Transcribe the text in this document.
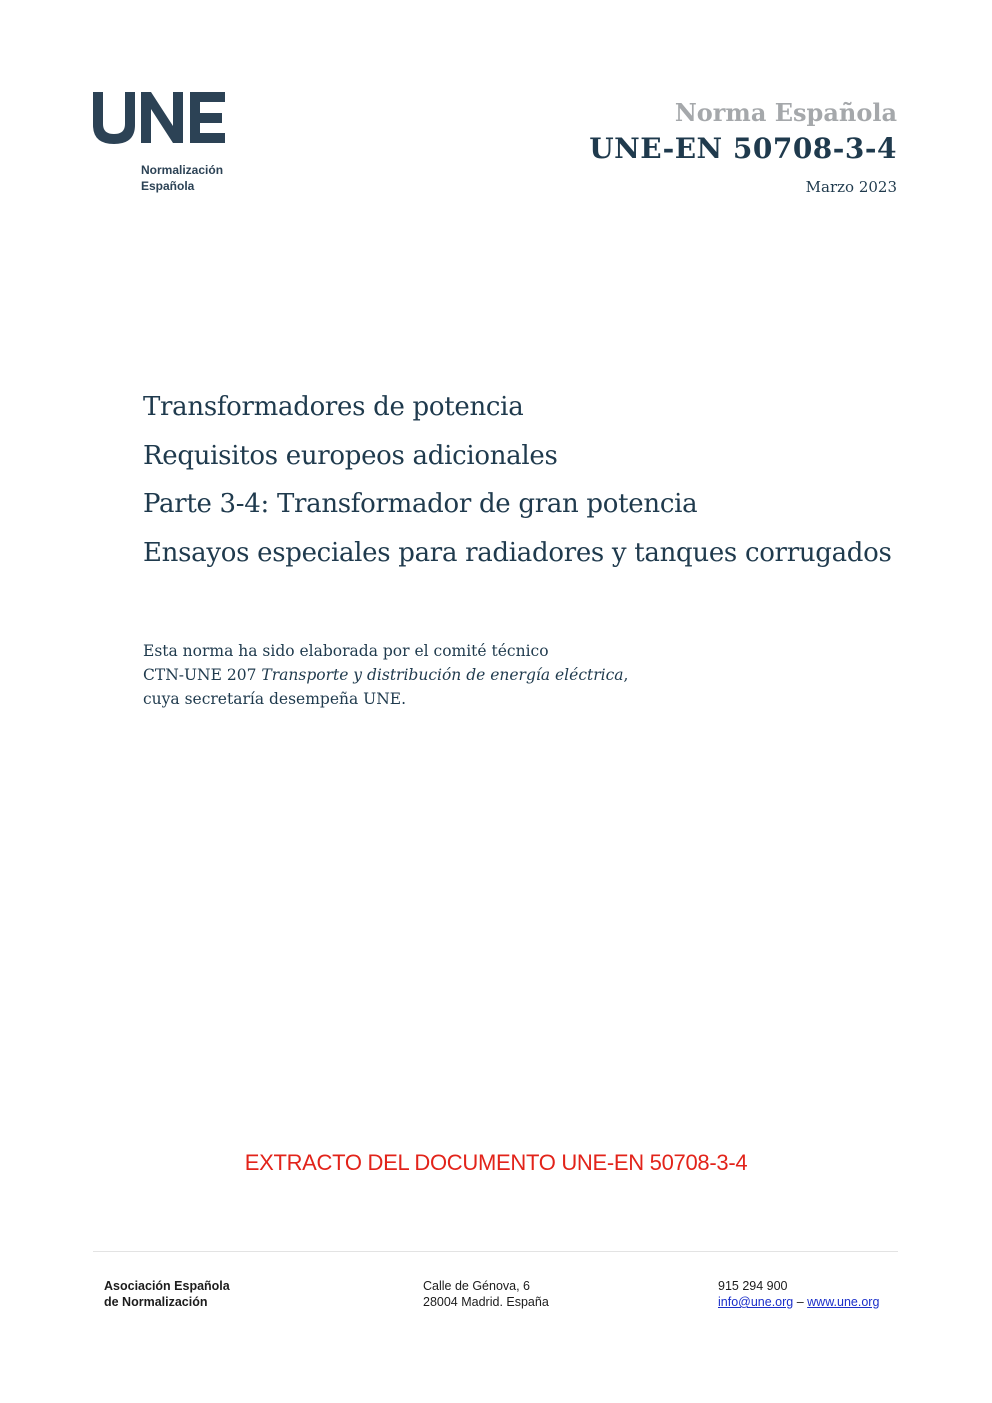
Normalización
Española
Norma Española
UNE-EN 50708-3-4
Marzo 2023
Transformadores de potencia
Requisitos europeos adicionales
Parte 3-4: Transformador de gran potencia
Ensayos especiales para radiadores y tanques corrugados
Esta norma ha sido elaborada por el comité técnico
CTN-UNE 207 Transporte y distribución de energía eléctrica,
cuya secretaría desempeña UNE.
EXTRACTO DEL DOCUMENTO UNE-EN 50708-3-4
Asociación Española
de Normalización
Calle de Génova, 6
28004 Madrid. España
915 294 900
info@une.org – www.une.org
